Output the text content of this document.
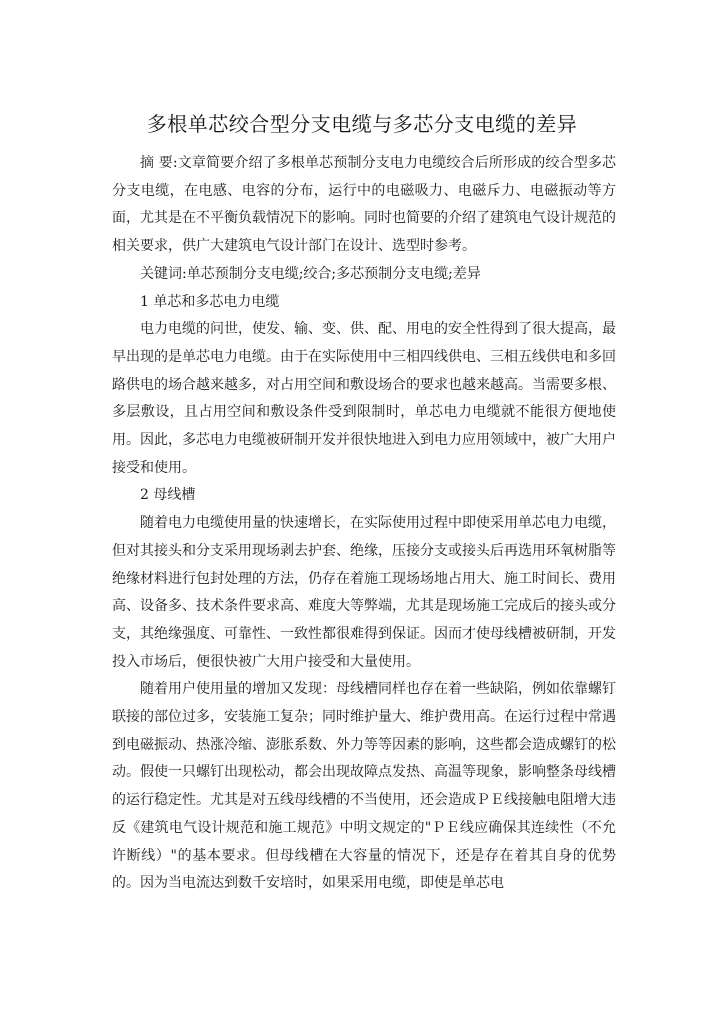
多根单芯绞合型分支电缆与多芯分支电缆的差异

摘 要:文章简要介绍了多根单芯预制分支电力电缆绞合后所形成的绞合型多芯分支电缆，在电感、电容的分布，运行中的电磁吸力、电磁斥力、电磁振动等方面，尤其是在不平衡负载情况下的影响。同时也简要的介绍了建筑电气设计规范的相关要求，供广大建筑电气设计部门在设计、选型时参考。

关键词:单芯预制分支电缆;绞合;多芯预制分支电缆;差异

1 单芯和多芯电力电缆

电力电缆的问世，使发、输、变、供、配、用电的安全性得到了很大提高，最早出现的是单芯电力电缆。由于在实际使用中三相四线供电、三相五线供电和多回路供电的场合越来越多，对占用空间和敷设场合的要求也越来越高。当需要多根、多层敷设，且占用空间和敷设条件受到限制时，单芯电力电缆就不能很方便地使用。因此，多芯电力电缆被研制开发并很快地进入到电力应用领域中，被广大用户接受和使用。

2 母线槽

随着电力电缆使用量的快速增长，在实际使用过程中即使采用单芯电力电缆，但对其接头和分支采用现场剥去护套、绝缘，压接分支或接头后再选用环氧树脂等绝缘材料进行包封处理的方法，仍存在着施工现场场地占用大、施工时间长、费用高、设备多、技术条件要求高、难度大等弊端，尤其是现场施工完成后的接头或分支，其绝缘强度、可靠性、一致性都很难得到保证。因而才使母线槽被研制，开发投入市场后，便很快被广大用户接受和大量使用。

随着用户使用量的增加又发现：母线槽同样也存在着一些缺陷，例如依靠螺钉联接的部位过多，安装施工复杂；同时维护量大、维护费用高。在运行过程中常遇到电磁振动、热涨冷缩、澎胀系数、外力等等因素的影响，这些都会造成螺钉的松动。假使一只螺钉出现松动，都会出现故障点发热、高温等现象，影响整条母线槽的运行稳定性。尤其是对五线母线槽的不当使用，还会造成ＰＥ线接触电阻增大违反《建筑电气设计规范和施工规范》中明文规定的"ＰＥ线应确保其连续性（不允许断线）"的基本要求。但母线槽在大容量的情况下，还是存在着其自身的优势的。因为当电流达到数千安培时，如果采用电缆，即使是单芯电
